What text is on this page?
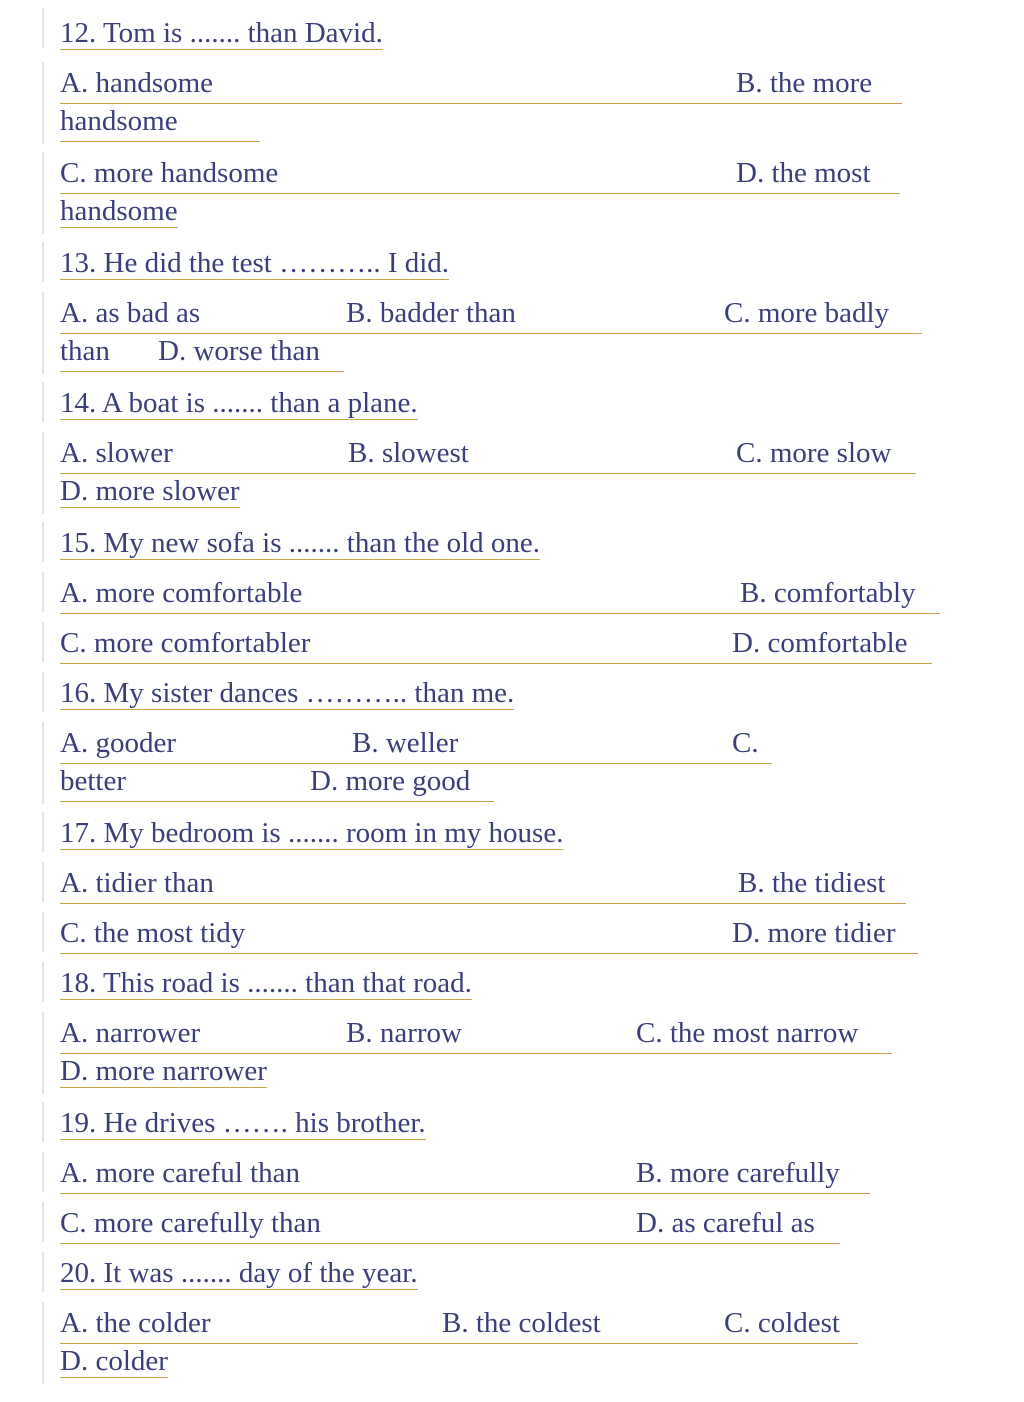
12. Tom is ....... than David.
A. handsome	B. the more
handsome
C. more handsome	D. the most
handsome
13. He did the test ……….. I did.
A. as bad as	B. badder than	C. more badly
than D. worse than
14. A boat is ....... than a plane.
A. slower	B. slowest	C. more slow
D. more slower
15. My new sofa is ....... than the old one.
A. more comfortable	B. comfortably
C. more comfortabler	D. comfortable
16. My sister dances ……….. than me.
A. gooder	B. weller	C.
better	D. more good
17. My bedroom is ....... room in my house.
A. tidier than	B. the tidiest
C. the most tidy	D. more tidier
18. This road is ....... than that road.
A. narrower	B. narrow	C. the most narrow
D. more narrower
19. He drives ……. his brother.
A. more careful than	B. more carefully
C. more carefully than	D. as careful as
20. It was ....... day of the year.
A. the colder	B. the coldest	C. coldest
D. colder
